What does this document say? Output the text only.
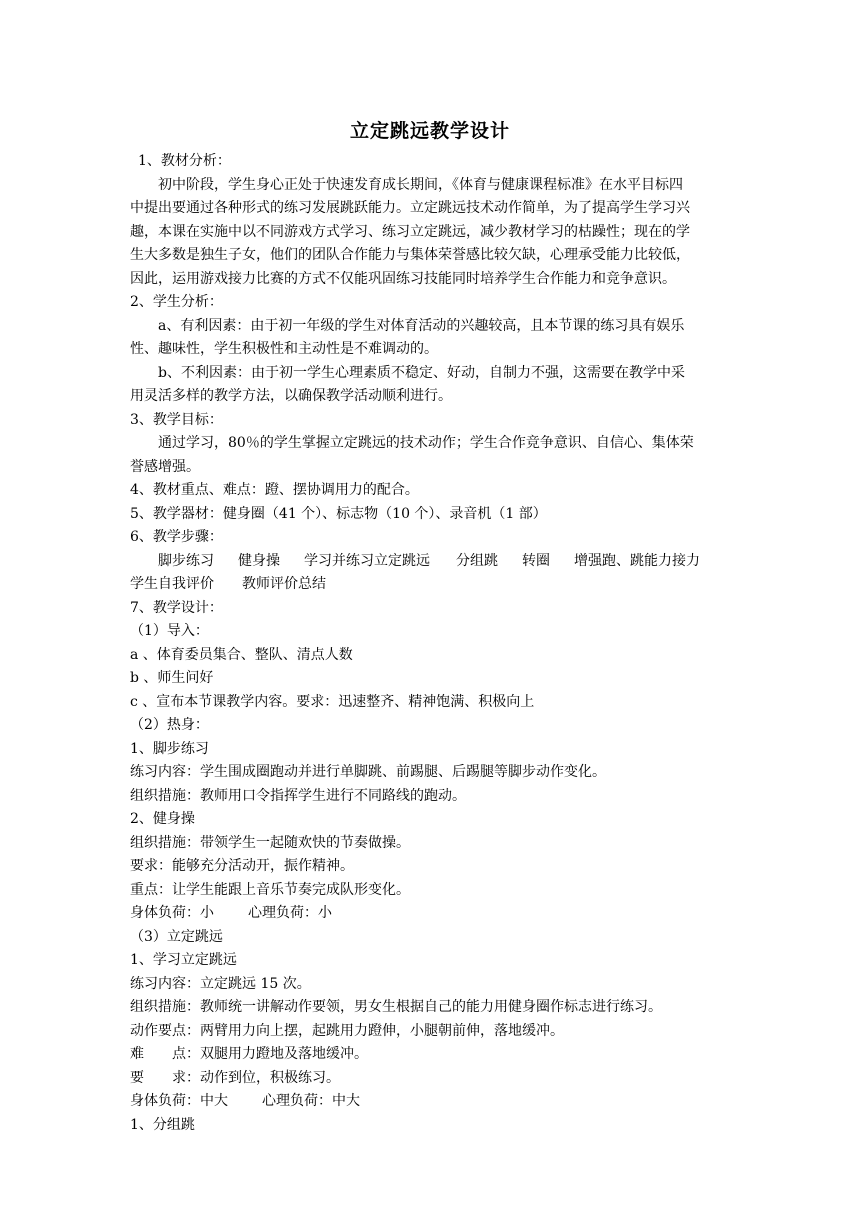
立定跳远教学设计
1、教材分析：
初中阶段，学生身心正处于快速发育成长期间，《体育与健康课程标准》在水平目标四
中提出要通过各种形式的练习发展跳跃能力。立定跳远技术动作简单，为了提高学生学习兴
趣，本课在实施中以不同游戏方式学习、练习立定跳远，减少教材学习的枯躁性；现在的学
生大多数是独生子女，他们的团队合作能力与集体荣誉感比较欠缺，心理承受能力比较低，
因此，运用游戏接力比赛的方式不仅能巩固练习技能同时培养学生合作能力和竞争意识。
2、学生分析：
a、有利因素：由于初一年级的学生对体育活动的兴趣较高，且本节课的练习具有娱乐
性、趣味性，学生积极性和主动性是不难调动的。
b、不利因素：由于初一学生心理素质不稳定、好动，自制力不强，这需要在教学中采
用灵活多样的教学方法，以确保教学活动顺利进行。
3、教学目标：
通过学习，80％的学生掌握立定跳远的技术动作；学生合作竞争意识、自信心、集体荣
誉感增强。
4、教材重点、难点：蹬、摆协调用力的配合。
5、教学器材：健身圈（41 个）、标志物（10 个）、录音机（1 部）
6、教学步骤：
脚步练习 健身操 学习并练习立定跳远 分组跳 转圈 增强跑、跳能力接力
学生自我评价 教师评价总结
7、教学设计：
（1）导入：
a 、体育委员集合、整队、清点人数
b 、师生问好
c 、宣布本节课教学内容。要求：迅速整齐、精神饱满、积极向上
（2）热身：
1、脚步练习
练习内容：学生围成圈跑动并进行单脚跳、前踢腿、后踢腿等脚步动作变化。
组织措施：教师用口令指挥学生进行不同路线的跑动。
2、健身操
组织措施：带领学生一起随欢快的节奏做操。
要求：能够充分活动开，振作精神。
重点：让学生能跟上音乐节奏完成队形变化。
身体负荷：小 心理负荷：小
（3）立定跳远
1、学习立定跳远
练习内容：立定跳远 15 次。
组织措施：教师统一讲解动作要领，男女生根据自己的能力用健身圈作标志进行练习。
动作要点：两臂用力向上摆，起跳用力蹬伸，小腿朝前伸，落地缓冲。
难 点：双腿用力蹬地及落地缓冲。
要 求：动作到位，积极练习。
身体负荷：中大 心理负荷：中大
1、分组跳
